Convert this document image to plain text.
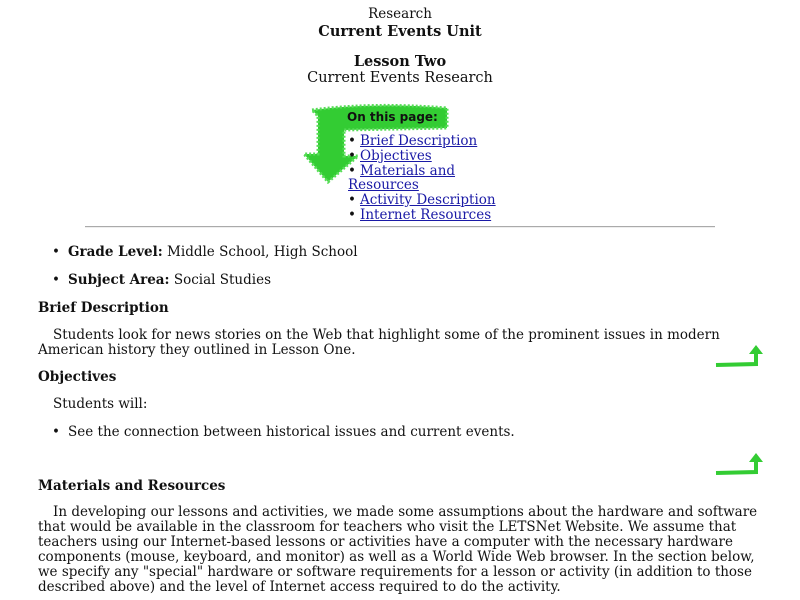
Research
Current Events Unit
Lesson Two
Current Events Research
On this page:
• Brief Description
• Objectives
• Materials and
Resources
• Activity Description
• Internet Resources
• Grade Level: Middle School, High School
• Subject Area: Social Studies
Brief Description
Students look for news stories on the Web that highlight some of the prominent issues in modern American history they outlined in Lesson One.
Objectives
Students will:
• See the connection between historical issues and current events.
Materials and Resources
In developing our lessons and activities, we made some assumptions about the hardware and software that would be available in the classroom for teachers who visit the LETSNet Website. We assume that teachers using our Internet-based lessons or activities have a computer with the necessary hardware components (mouse, keyboard, and monitor) as well as a World Wide Web browser. In the section below, we specify any "special" hardware or software requirements for a lesson or activity (in addition to those described above) and the level of Internet access required to do the activity.
